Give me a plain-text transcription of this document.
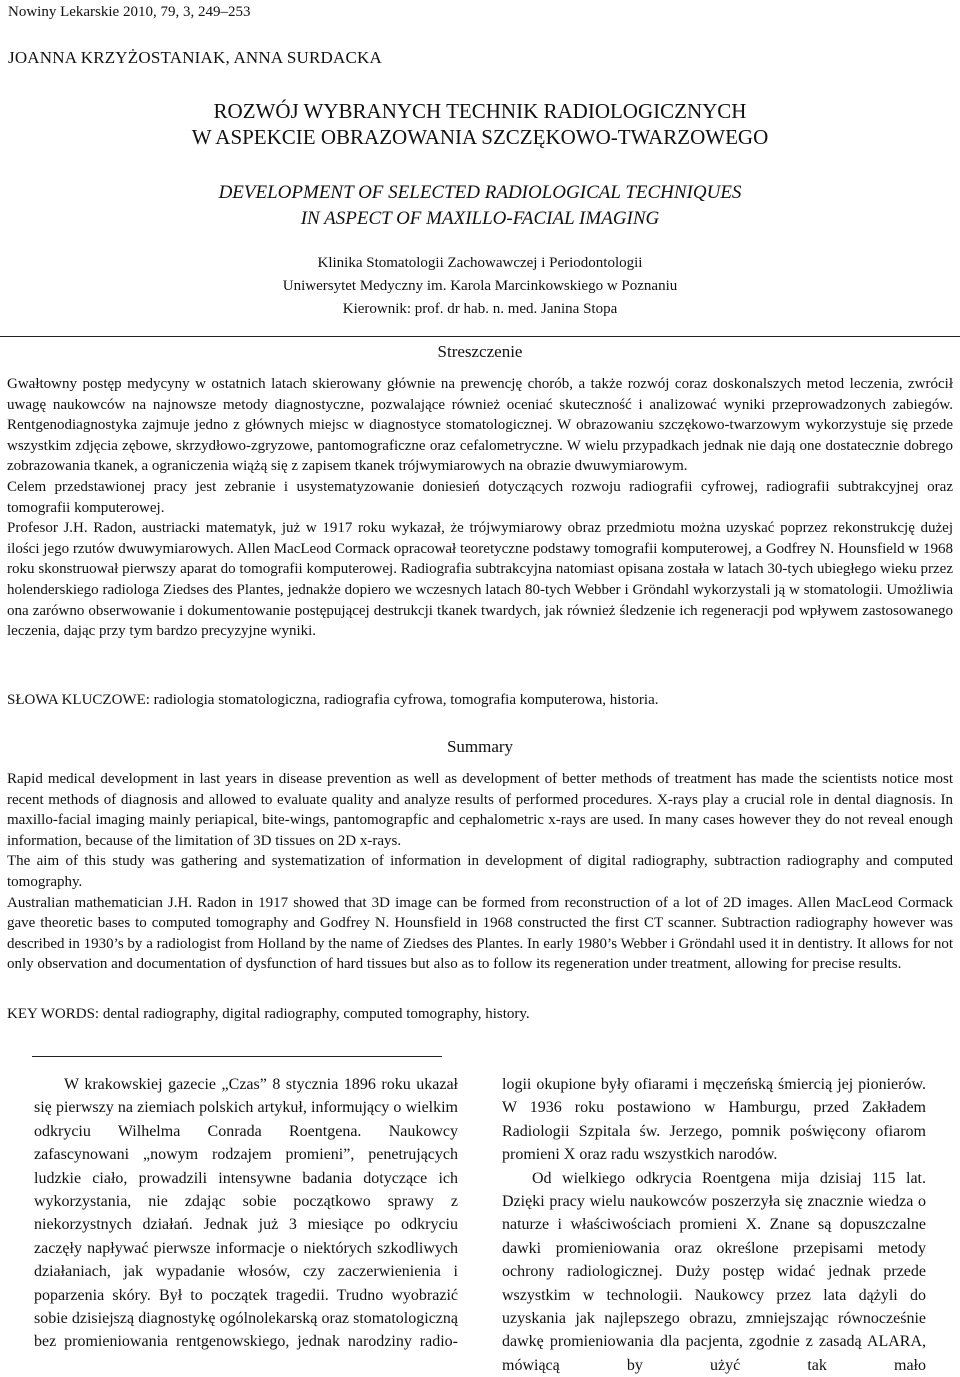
Nowiny Lekarskie 2010, 79, 3, 249–253
JOANNA KRZYŻOSTANIAK, ANNA SURDACKA
ROZWÓJ WYBRANYCH TECHNIK RADIOLOGICZNYCH
W ASPEKCIE OBRAZOWANIA SZCZĘKOWO-TWARZOWEGO
DEVELOPMENT OF SELECTED RADIOLOGICAL TECHNIQUES
IN ASPECT OF MAXILLO-FACIAL IMAGING
Klinika Stomatologii Zachowawczej i Periodontologii
Uniwersytet Medyczny im. Karola Marcinkowskiego w Poznaniu
Kierownik: prof. dr hab. n. med. Janina Stopa
Streszczenie

Gwałtowny postęp medycyny w ostatnich latach skierowany głównie na prewencję chorób, a także rozwój coraz doskonalszych metod leczenia, zwrócił uwagę naukowców na najnowsze metody diagnostyczne, pozwalające również oceniać skuteczność i analizować wyniki przeprowadzonych zabiegów. Rentgenodiagnostyka zajmuje jedno z głównych miejsc w diagnostyce stomatologicznej. W obrazowaniu szczękowo-twarzowym wykorzystuje się przede wszystkim zdjęcia zębowe, skrzydłowo-zgryzowe, pantomograficzne oraz cefalometryczne. W wielu przypadkach jednak nie dają one dostatecznie dobrego zobrazowania tkanek, a ograniczenia wiążą się z zapisem tkanek trójwymiarowych na obrazie dwuwymiarowym.

Celem przedstawionej pracy jest zebranie i usystematyzowanie doniesień dotyczących rozwoju radiografii cyfrowej, radiografii subtrakcyjnej oraz tomografii komputerowej.

Profesor J.H. Radon, austriacki matematyk, już w 1917 roku wykazał, że trójwymiarowy obraz przedmiotu można uzyskać poprzez rekonstrukcję dużej ilości jego rzutów dwuwymiarowych. Allen MacLeod Cormack opracował teoretyczne podstawy tomografii komputerowej, a Godfrey N. Hounsfield w 1968 roku skonstruował pierwszy aparat do tomografii komputerowej. Radiografia subtrakcyjna natomiast opisana została w latach 30-tych ubiegłego wieku przez holenderskiego radiologa Ziedses des Plantes, jednakże dopiero we wczesnych latach 80-tych Webber i Gröndahl wykorzystali ją w stomatologii. Umożliwia ona zarówno obserwowanie i dokumentowanie postępującej destrukcji tkanek twardych, jak również śledzenie ich regeneracji pod wpływem zastosowanego leczenia, dając przy tym bardzo precyzyjne wyniki.

SŁOWA KLUCZOWE: radiologia stomatologiczna, radiografia cyfrowa, tomografia komputerowa, historia.
Summary

Rapid medical development in last years in disease prevention as well as development of better methods of treatment has made the scientists notice most recent methods of diagnosis and allowed to evaluate quality and analyze results of performed procedures. X-rays play a crucial role in dental diagnosis. In maxillo-facial imaging mainly periapical, bite-wings, pantomograpfic and cephalometric x-rays are used. In many cases however they do not reveal enough information, because of the limitation of 3D tissues on 2D x-rays.

The aim of this study was gathering and systematization of information in development of digital radiography, subtraction radiography and computed tomography.

Australian mathematician J.H. Radon in 1917 showed that 3D image can be formed from reconstruction of a lot of 2D images. Allen MacLeod Cormack gave theoretic bases to computed tomography and Godfrey N. Hounsfield in 1968 constructed the first CT scanner. Subtraction radiography however was described in 1930’s by a radiologist from Holland by the name of Ziedses des Plantes. In early 1980’s Webber i Gröndahl used it in dentistry. It allows for not only observation and documentation of dysfunction of hard tissues but also as to follow its regeneration under treatment, allowing for precise results.

KEY WORDS: dental radiography, digital radiography, computed tomography, history.

W krakowskiej gazecie „Czas” 8 stycznia 1896 roku ukazał się pierwszy na ziemiach polskich artykuł, informujący o wielkim odkryciu Wilhelma Conrada Roentgena. Naukowcy zafascynowani „nowym rodzajem promieni”, penetrujących ludzkie ciało, prowadzili intensywne badania dotyczące ich wykorzystania, nie zdając sobie początkowo sprawy z niekorzystnych działań. Jednak już 3 miesiące po odkryciu zaczęły napływać pierwsze informacje o niektórych szkodliwych działaniach, jak wypadanie włosów, czy zaczerwienienia i poparzenia skóry. Był to początek tragedii. Trudno wyobrazić sobie dzisiejszą diagnostykę ogólnolekarską oraz stomatologiczną bez promieniowania rentgenowskiego, jednak narodziny radio-

logii okupione były ofiarami i męczeńską śmiercią jej pionierów. W 1936 roku postawiono w Hamburgu, przed Zakładem Radiologii Szpitala św. Jerzego, pomnik poświęcony ofiarom promieni X oraz radu wszystkich narodów.

Od wielkiego odkrycia Roentgena mija dzisiaj 115 lat. Dzięki pracy wielu naukowców poszerzyła się znacznie wiedza o naturze i właściwościach promieni X. Znane są dopuszczalne dawki promieniowania oraz określone przepisami metody ochrony radiologicznej. Duży postęp widać jednak przede wszystkim w technologii. Naukowcy przez lata dążyli do uzyskania jak najlepszego obrazu, zmniejszając równocześnie dawkę promieniowania dla pacjenta, zgodnie z zasadą ALARA, mówiącą by użyć tak mało
